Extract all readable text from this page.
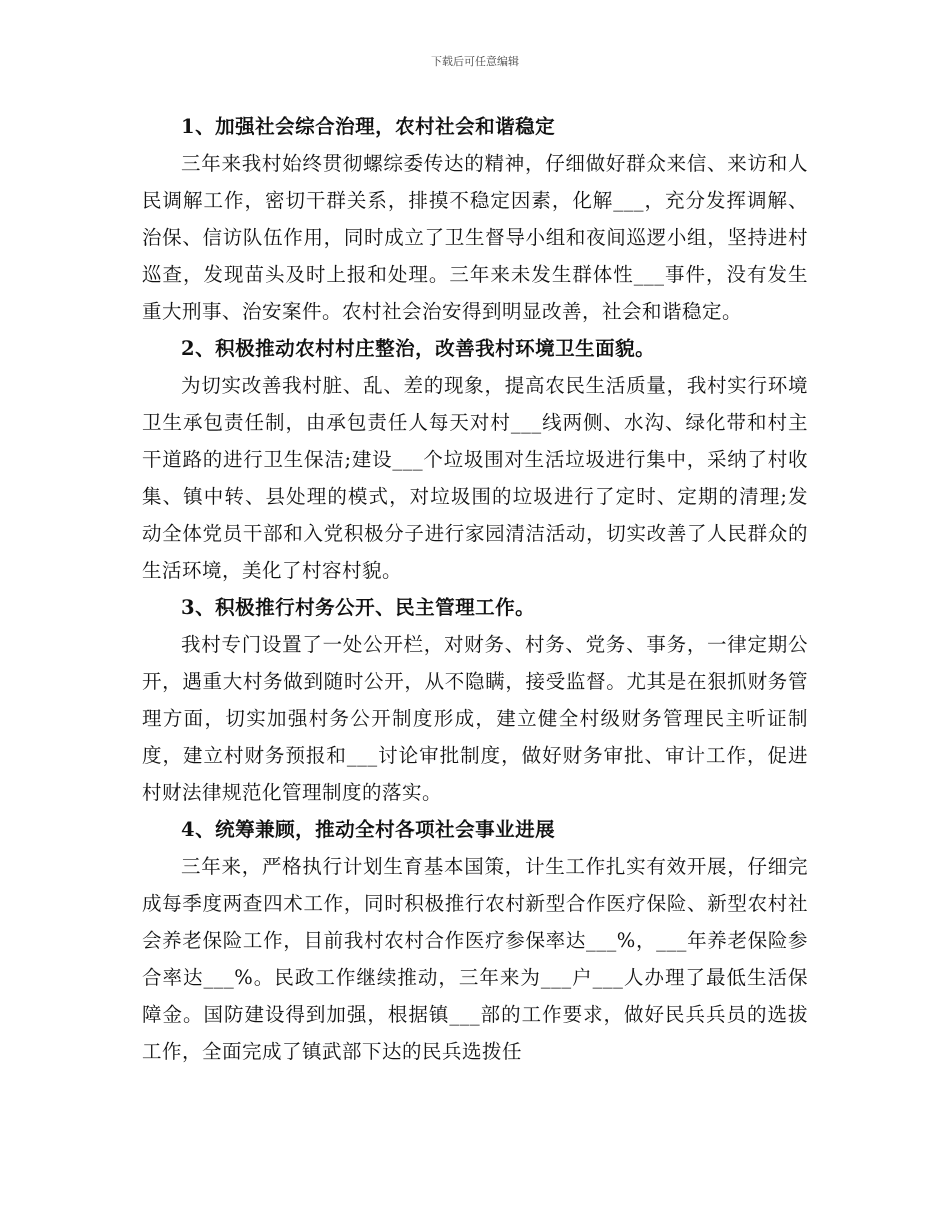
下载后可任意编辑
1、加强社会综合治理，农村社会和谐稳定

三年来我村始终贯彻螺综委传达的精神，仔细做好群众来信、来访和人民调解工作，密切干群关系，排摸不稳定因素，化解___，充分发挥调解、治保、信访队伍作用，同时成立了卫生督导小组和夜间巡逻小组，坚持进村巡查，发现苗头及时上报和处理。三年来未发生群体性___事件，没有发生重大刑事、治安案件。农村社会治安得到明显改善，社会和谐稳定。

2、积极推动农村村庄整治，改善我村环境卫生面貌。

为切实改善我村脏、乱、差的现象，提高农民生活质量，我村实行环境卫生承包责任制，由承包责任人每天对村___线两侧、水沟、绿化带和村主干道路的进行卫生保洁;建设___个垃圾围对生活垃圾进行集中，采纳了村收集、镇中转、县处理的模式，对垃圾围的垃圾进行了定时、定期的清理;发动全体党员干部和入党积极分子进行家园清洁活动，切实改善了人民群众的生活环境，美化了村容村貌。

3、积极推行村务公开、民主管理工作。

我村专门设置了一处公开栏，对财务、村务、党务、事务，一律定期公开，遇重大村务做到随时公开，从不隐瞒，接受监督。尤其是在狠抓财务管理方面，切实加强村务公开制度形成，建立健全村级财务管理民主听证制度，建立村财务预报和___讨论审批制度，做好财务审批、审计工作，促进村财法律规范化管理制度的落实。

4、统筹兼顾，推动全村各项社会事业进展

三年来，严格执行计划生育基本国策，计生工作扎实有效开展，仔细完成每季度两查四术工作，同时积极推行农村新型合作医疗保险、新型农村社会养老保险工作，目前我村农村合作医疗参保率达___%，___年养老保险参合率达___%。民政工作继续推动，三年来为___户___人办理了最低生活保障金。国防建设得到加强，根据镇___部的工作要求，做好民兵兵员的选拔工作，全面完成了镇武部下达的民兵选拨任
